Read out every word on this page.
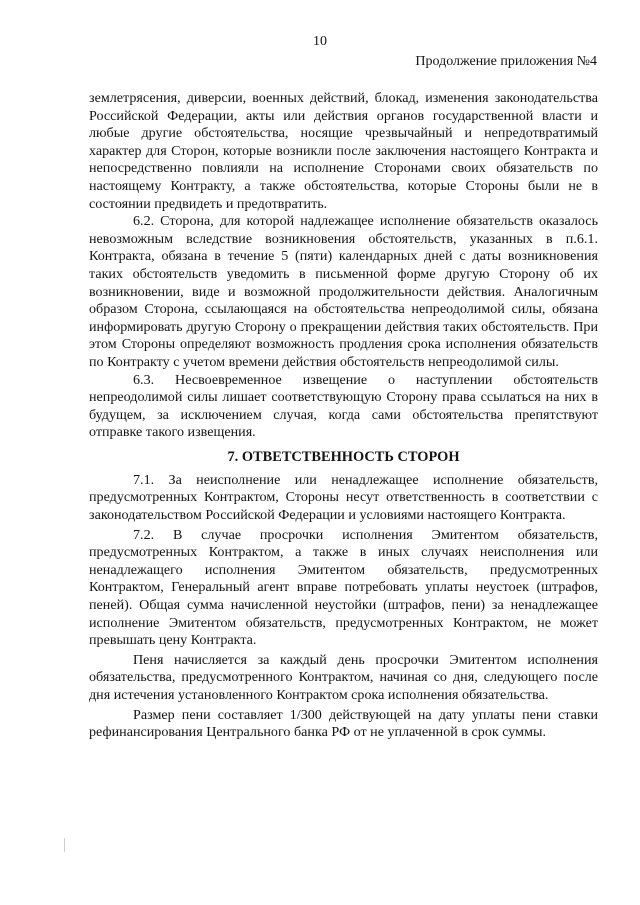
10
Продолжение приложения №4

землетрясения, диверсии, военных действий, блокад, изменения законодательства Российской Федерации, акты или действия органов государственной власти и любые другие обстоятельства, носящие чрезвычайный и непредотвратимый характер для Сторон, которые возникли после заключения настоящего Контракта и непосредственно повлияли на исполнение Сторонами своих обязательств по настоящему Контракту, а также обстоятельства, которые Стороны были не в состоянии предвидеть и предотвратить.

6.2. Сторона, для которой надлежащее исполнение обязательств оказалось невозможным вследствие возникновения обстоятельств, указанных в п.6.1. Контракта, обязана в течение 5 (пяти) календарных дней с даты возникновения таких обстоятельств уведомить в письменной форме другую Сторону об их возникновении, виде и возможной продолжительности действия. Аналогичным образом Сторона, ссылающаяся на обстоятельства непреодолимой силы, обязана информировать другую Сторону о прекращении действия таких обстоятельств. При этом Стороны определяют возможность продления срока исполнения обязательств по Контракту с учетом времени действия обстоятельств непреодолимой силы.

6.3. Несвоевременное извещение о наступлении обстоятельств непреодолимой силы лишает соответствующую Сторону права ссылаться на них в будущем, за исключением случая, когда сами обстоятельства препятствуют отправке такого извещения.

7. ОТВЕТСТВЕННОСТЬ СТОРОН

7.1. За неисполнение или ненадлежащее исполнение обязательств, предусмотренных Контрактом, Стороны несут ответственность в соответствии с законодательством Российской Федерации и условиями настоящего Контракта.

7.2. В случае просрочки исполнения Эмитентом обязательств, предусмотренных Контрактом, а также в иных случаях неисполнения или ненадлежащего исполнения Эмитентом обязательств, предусмотренных Контрактом, Генеральный агент вправе потребовать уплаты неустоек (штрафов, пеней). Общая сумма начисленной неустойки (штрафов, пени) за ненадлежащее исполнение Эмитентом обязательств, предусмотренных Контрактом, не может превышать цену Контракта.

Пеня начисляется за каждый день просрочки Эмитентом исполнения обязательства, предусмотренного Контрактом, начиная со дня, следующего после дня истечения установленного Контрактом срока исполнения обязательства.

Размер пени составляет 1/300 действующей на дату уплаты пени ставки рефинансирования Центрального банка РФ от не уплаченной в срок суммы.
